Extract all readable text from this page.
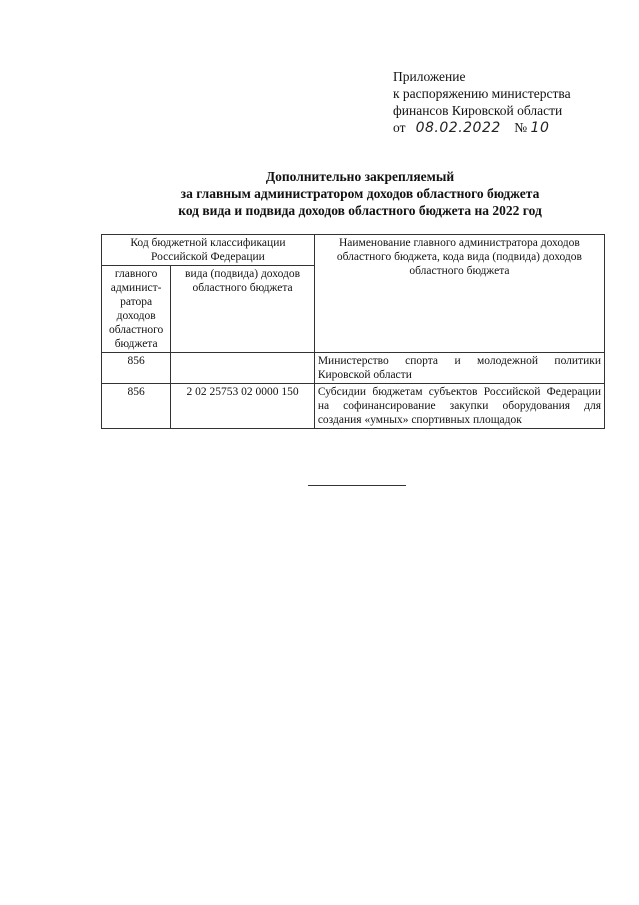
Приложение
к распоряжению министерства
финансов Кировской области
от 08.02.2022 № 10
Дополнительно закрепляемый
за главным администратором доходов областного бюджета
код вида и подвида доходов областного бюджета на 2022 год
Код бюджетной классификации Российской Федерации		Наименование главного администратора доходов областного бюджета, кода вида (подвида) доходов областного бюджета
главного админист-ратора доходов областного бюджета	вида (подвида) доходов областного бюджета	
856		Министерство спорта и молодежной политики Кировской области
856	2 02 25753 02 0000 150	Субсидии бюджетам субъектов Российской Федерации на софинансирование закупки оборудования для создания «умных» спортивных площадок
